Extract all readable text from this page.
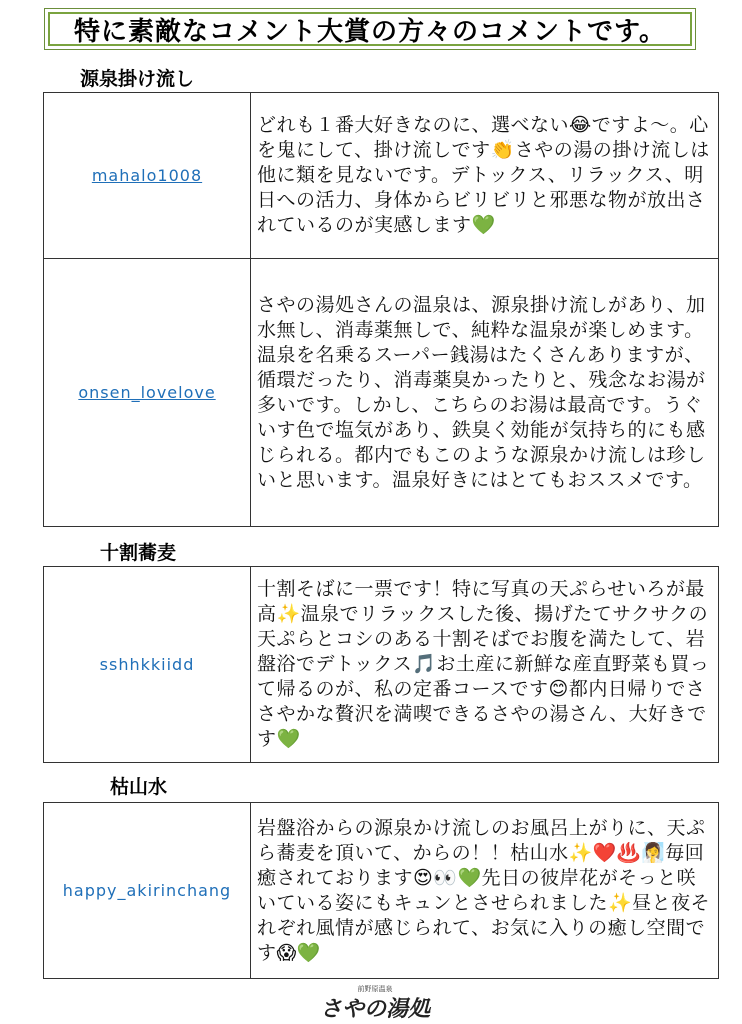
特に素敵なコメント大賞の方々のコメントです。
源泉掛け流し
mahalo1008	どれも１番大好きなのに、選べない😂ですよ〜。心を鬼にして、掛け流しです👏さやの湯の掛け流しは他に類を見ないです。デトックス、リラックス、明日への活力、身体からビリビリと邪悪な物が放出されているのが実感します💚
onsen_lovelove	さやの湯処さんの温泉は、源泉掛け流しがあり、加水無し、消毒薬無しで、純粋な温泉が楽しめます。温泉を名乗るスーパー銭湯はたくさんありますが、循環だったり、消毒薬臭かったりと、残念なお湯が多いです。しかし、こちらのお湯は最高です。うぐいす色で塩気があり、鉄臭く効能が気持ち的にも感じられる。都内でもこのような源泉かけ流しは珍しいと思います。温泉好きにはとてもおススメです。
十割蕎麦
sshhkkiidd	十割そばに一票です！特に写真の天ぷらせいろが最高✨温泉でリラックスした後、揚げたてサクサクの天ぷらとコシのある十割そばでお腹を満たして、岩盤浴でデトックス🎵お土産に新鮮な産直野菜も買って帰るのが、私の定番コースです😊都内日帰りでささやかな贅沢を満喫できるさやの湯さん、大好きです💚
枯山水
happy_akirinchang	岩盤浴からの源泉かけ流しのお風呂上がりに、天ぷら蕎麦を頂いて、からの！！枯山水✨❤️♨️🧖‍♀️毎回癒されております😍👀💚先日の彼岸花がそっと咲いている姿にもキュンとさせられました✨昼と夜それぞれ風情が感じられて、お気に入りの癒し空間です😱💚
前野原温泉
さやの湯処
